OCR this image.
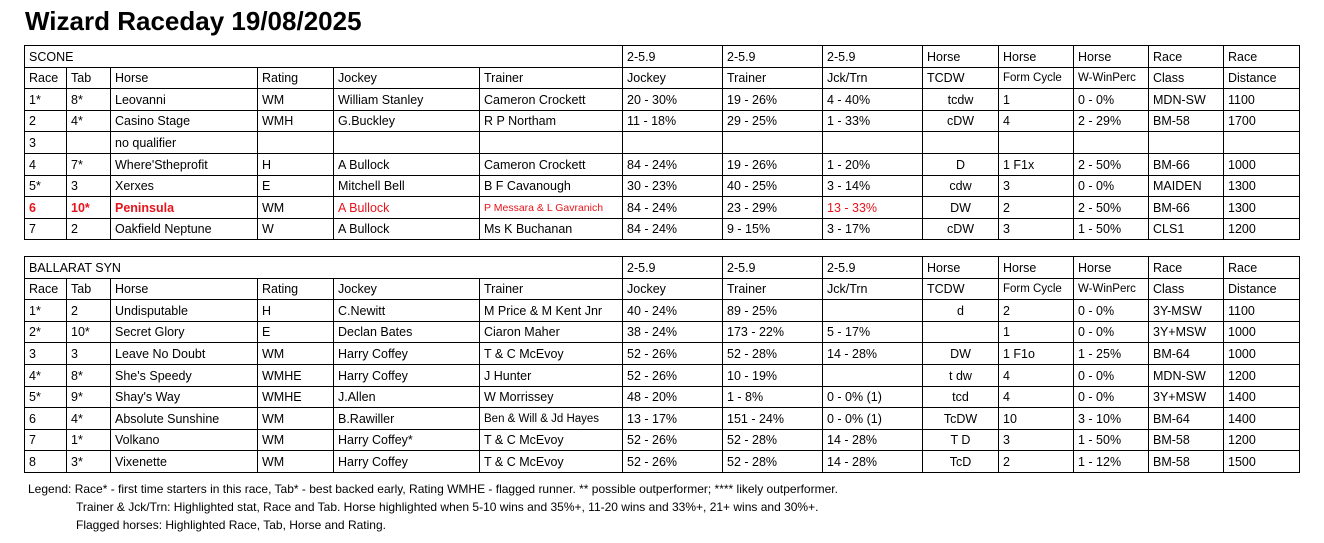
Wizard Raceday 19/08/2025
SCONE						2-5.9	2-5.9	2-5.9	Horse	Horse	Horse	Race	Race
Race	Tab	Horse	Rating	Jockey	Trainer	Jockey	Trainer	Jck/Trn	TCDW	Form Cycle	W-WinPerc	Class	Distance
1*	8*	Leovanni	WM	William Stanley	Cameron Crockett	20 - 30%	19 - 26%	4 - 40%	tcdw	1	0 - 0%	MDN-SW	1100
2	4*	Casino Stage	WMH	G.Buckley	R P Northam	11 - 18%	29 - 25%	1 - 33%	cDW	4	2 - 29%	BM-58	1700
3		no qualifier											
4	7*	Where'Stheprofit	H	A Bullock	Cameron Crockett	84 - 24%	19 - 26%	1 - 20%	D	1 F1x	2 - 50%	BM-66	1000
5*	3	Xerxes	E	Mitchell Bell	B F Cavanough	30 - 23%	40 - 25%	3 - 14%	cdw	3	0 - 0%	MAIDEN	1300
6	10*	Peninsula	WM	A Bullock	P Messara & L Gavranich	84 - 24%	23 - 29%	13 - 33%	DW	2	2 - 50%	BM-66	1300
7	2	Oakfield Neptune	W	A Bullock	Ms K Buchanan	84 - 24%	9 - 15%	3 - 17%	cDW	3	1 - 50%	CLS1	1200
BALLARAT SYN						2-5.9	2-5.9	2-5.9	Horse	Horse	Horse	Race	Race
Race	Tab	Horse	Rating	Jockey	Trainer	Jockey	Trainer	Jck/Trn	TCDW	Form Cycle	W-WinPerc	Class	Distance
1*	2	Undisputable	H	C.Newitt	M Price & M Kent Jnr	40 - 24%	89 - 25%		d	2	0 - 0%	3Y-MSW	1100
2*	10*	Secret Glory	E	Declan Bates	Ciaron Maher	38 - 24%	173 - 22%	5 - 17%		1	0 - 0%	3Y+MSW	1000
3	3	Leave No Doubt	WM	Harry Coffey	T & C McEvoy	52 - 26%	52 - 28%	14 - 28%	DW	1 F1o	1 - 25%	BM-64	1000
4*	8*	She's Speedy	WMHE	Harry Coffey	J Hunter	52 - 26%	10 - 19%		t dw	4	0 - 0%	MDN-SW	1200
5*	9*	Shay's Way	WMHE	J.Allen	W Morrissey	48 - 20%	1 - 8%	0 - 0% (1)	tcd	4	0 - 0%	3Y+MSW	1400
6	4*	Absolute Sunshine	WM	B.Rawiller	Ben & Will & Jd Hayes	13 - 17%	151 - 24%	0 - 0% (1)	TcDW	10	3 - 10%	BM-64	1400
7	1*	Volkano	WM	Harry Coffey*	T & C McEvoy	52 - 26%	52 - 28%	14 - 28%	T D	3	1 - 50%	BM-58	1200
8	3*	Vixenette	WM	Harry Coffey	T & C McEvoy	52 - 26%	52 - 28%	14 - 28%	TcD	2	1 - 12%	BM-58	1500
Legend: Race* - first time starters in this race, Tab* - best backed early, Rating WMHE - flagged runner. ** possible outperformer; **** likely outperformer.
Trainer & Jck/Trn: Highlighted stat, Race and Tab. Horse highlighted when 5-10 wins and 35%+, 11-20 wins and 33%+, 21+ wins and 30%+.
Flagged horses: Highlighted Race, Tab, Horse and Rating.
